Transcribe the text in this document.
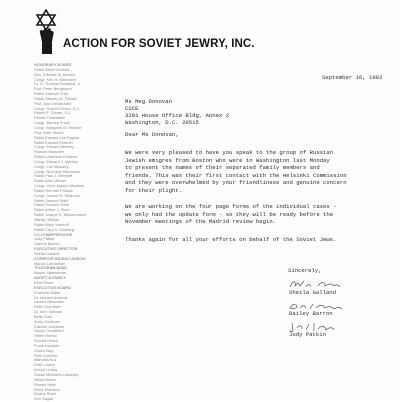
ACTION FOR SOVIET JEWRY, INC.
HONORARY BOARD
Rabbi Albert Axelrad
Sen. Edward W. Brooke
Congr. Kirk H. Baumann
Dr. H. Thomas Bukathal, Jr.
Prof. Peter Bergmann
Rabbi Samuel Chiel
Rabbi Stanley M. Davids
Prof. Alan Dershowitz
Congr. Robert Drinan, S.J.
Robert F. Drinan, S.J.
Rhoda Finkelstein
Congr. Barney Frank
Congr. Margaret M. Heckler
Prof. Irwin Hirsch
Rabbi Edward Lee Kaplan
Rabbi Edward Krasner
Congr. Edward Markey
Howard Mazzone
Rabbi Lawrence Kushner
Congr. Edward J. Markey
Congr. Joe Moakley
Congr. Nicholas Mavroules
Rabbi Paul J. Menitoff
Rabbi Alan Ullman
Congr. John Joseph Moakley
Rabbi Herman Pollack
Congr. James M. Shannon
Rabbi Samuel Stahl
Rabbi Richard Yellin
Rabbi Arthur J. Starr
Rabbi Joseph S. Weizenbaum
Marilyn Wilson
Rabbi Mark Yoseloff
Rabbi Cary D. Kozberg
CO-CHAIRPERSONS
Judy Patkin
Joanne Barron
EXECUTIVE DIRECTOR
Sheila Galland
CORRESPONDING LIAISON
Marion Landsman
TELEGRAM BANK
Naomi Stamelman
ADOPT-A-FAMILY
Ethel Rose
EXECUTIVE BOARD
Francine Butler
Dr. Norbert Axelrod
Lauren Berkowitz
Ruth Chanlowe
Dr. Alex Gelman
Betty Gold
Anne Goldman
Edward Goldman
Harold Goodfried
Helen Herbst
Ronald Hirsch
Frank Lipowitz
Gloria Karp
Ruth Kushner
Marcella Kuz
Ruth Levine
Arnold Linsky
Susan Michaels Lubarsky
Alfred Mazor
Ronald Metz
Gene Morrison
Moshe Ruch
Ann Sagan
September 16, 1982
Ms Meg Donovan
CSCE
3281 House Office Bldg, Annex 2
Washington, D.C. 20515
Dear Ms Donovan,
We were very pleased to have you speak to the group of Russian
Jewish emigres from Boston who were in Washington last Monday
to present the names of their separated family members and
friends. This was their first contact with the Helsinki Commission
and they were overwhelmed by your friendliness and genuine concern
for their plight.
We are working on the four page forms of the individual cases -
we only had the update form - so they will be ready before the
November meetings of the Madrid review begin.
Thanks again for all your efforts on behalf of the Soviet Jews.
Sincerely,
Sheila Galland
Bailey Barron
Judy Patkin
